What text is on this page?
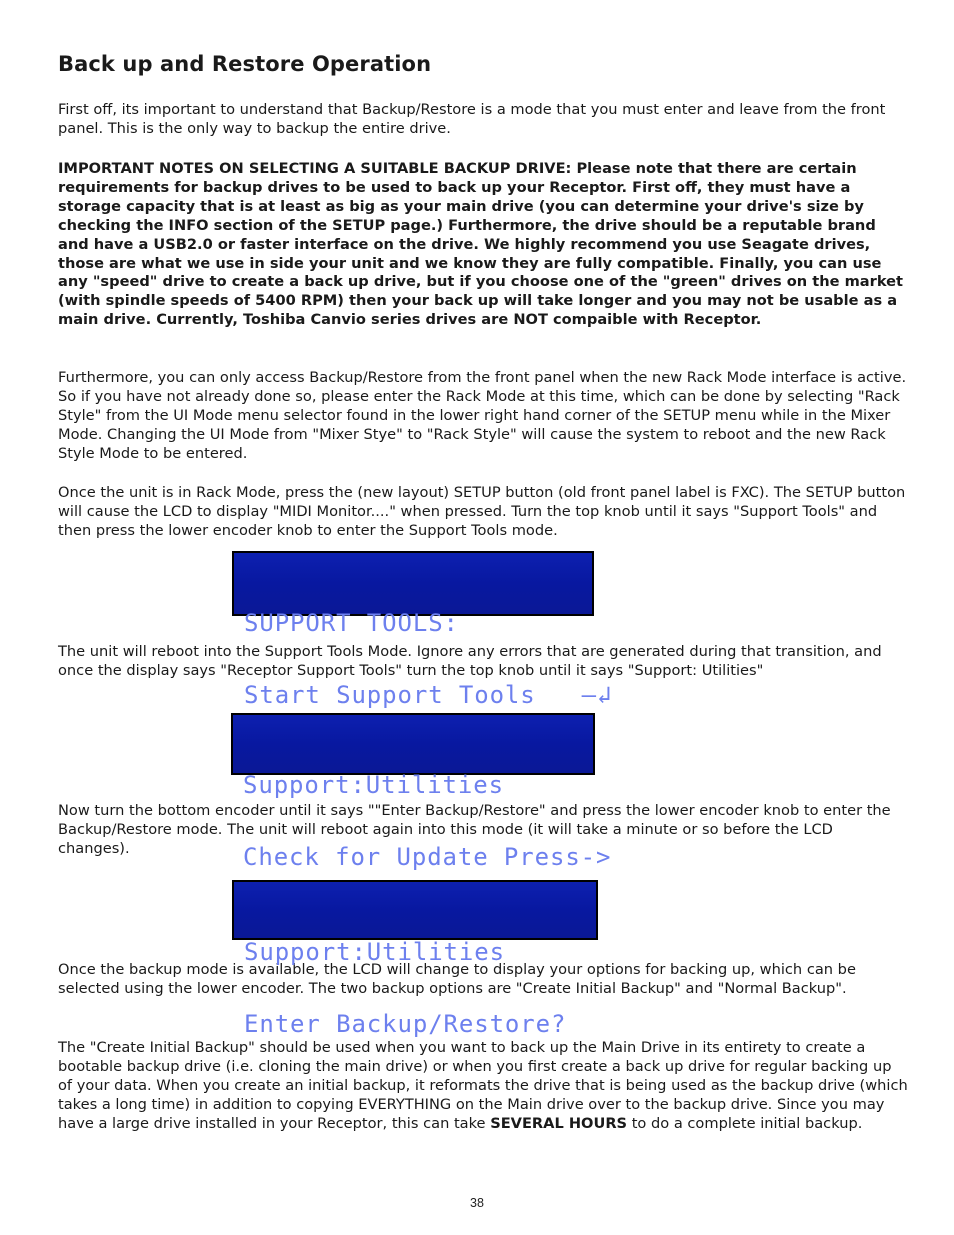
Back up and Restore Operation

First off, its important to understand that Backup/Restore is a mode that you must enter and leave from the front panel. This is the only way to backup the entire drive.

IMPORTANT NOTES ON SELECTING A SUITABLE BACKUP DRIVE: Please note that there are certain requirements for backup drives to be used to back up your Receptor. First off, they must have a storage capacity that is at least as big as your main drive (you can determine your drive's size by checking the INFO section of the SETUP page.) Furthermore, the drive should be a reputable brand and have a USB2.0 or faster interface on the drive. We highly recommend you use Seagate drives, those are what we use in side your unit and we know they are fully compatible. Finally, you can use any "speed" drive to create a back up drive, but if you choose one of the "green" drives on the market (with spindle speeds of 5400 RPM) then your back up will take longer and you may not be usable as a main drive. Currently, Toshiba Canvio series drives are NOT compaible with Receptor.

Furthermore, you can only access Backup/Restore from the front panel when the new Rack Mode interface is active. So if you have not already done so, please enter the Rack Mode at this time, which can be done by selecting "Rack Style" from the UI Mode menu selector found in the lower right hand corner of the SETUP menu while in the Mixer Mode. Changing the UI Mode from "Mixer Stye" to "Rack Style" will cause the system to reboot and the new Rack Style Mode to be entered.

Once the unit is in Rack Mode, press the (new layout) SETUP button (old front panel label is FXC). The SETUP button will cause the LCD to display "MIDI Monitor...." when pressed. Turn the top knob until it says "Support Tools" and then press the lower encoder knob to enter the Support Tools mode.

The unit will reboot into the Support Tools Mode. Ignore any errors that are generated during that transition, and once the display says "Receptor Support Tools" turn the top knob until it says "Support: Utilities"

Now turn the bottom encoder until it says ""Enter Backup/Restore" and press the lower encoder knob to enter the Backup/Restore mode. The unit will reboot again into this mode (it will take a minute or so before the LCD changes).

Once the backup mode is available, the LCD will change to display your options for backing up, which can be selected using the lower encoder. The two backup options are "Create Initial Backup" and "Normal Backup".

The "Create Initial Backup" should be used when you want to back up the Main Drive in its entirety to create a bootable backup drive (i.e. cloning the main drive) or when you first create a back up drive for regular backing up of your data. When you create an initial backup, it reformats the drive that is being used as the backup drive (which takes a long time) in addition to copying EVERYTHING on the Main drive over to the backup drive. Since you may have a large drive installed in your Receptor, this can take SEVERAL HOURS to do a complete initial backup.

SUPPORT TOOLS:

Start Support Tools   —↲

Support:Utilities

Check for Update Press->

Support:Utilities

Enter Backup/Restore?

38
